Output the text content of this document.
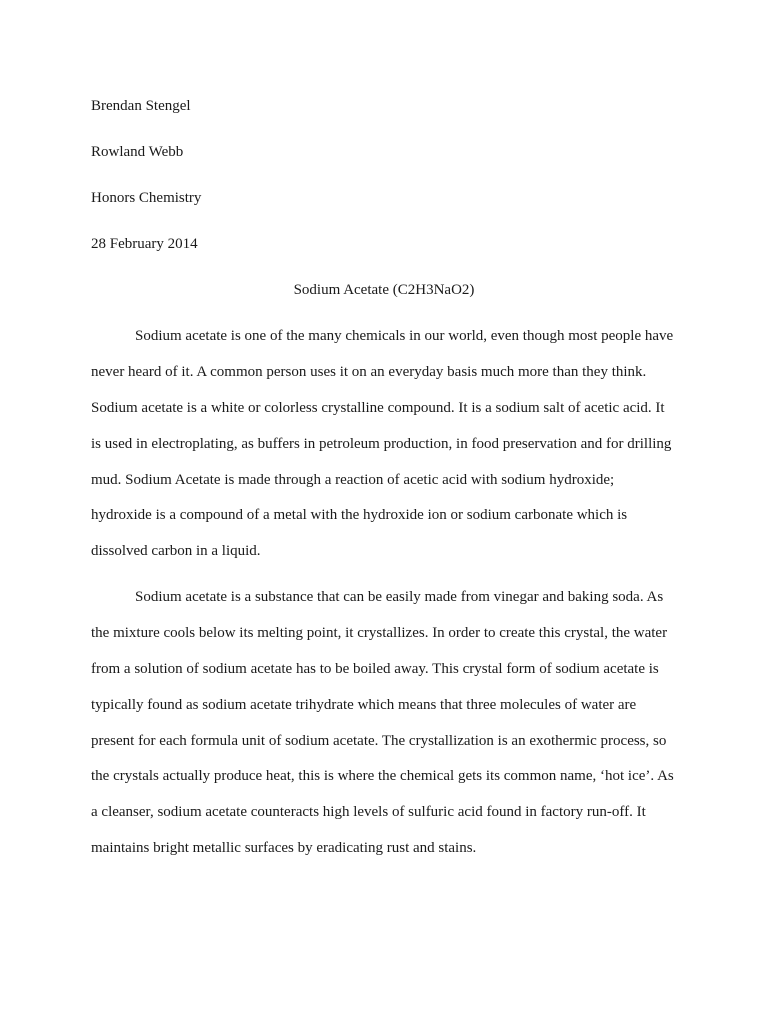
Brendan Stengel
Rowland Webb
Honors Chemistry
28 February 2014
Sodium Acetate (C2H3NaO2)
Sodium acetate is one of the many chemicals in our world, even though most people have
never heard of it. A common person uses it on an everyday basis much more than they think.
Sodium acetate is a white or colorless crystalline compound. It is a sodium salt of acetic acid. It
is used in electroplating, as buffers in petroleum production, in food preservation and for drilling
mud. Sodium Acetate is made through a reaction of acetic acid with sodium hydroxide;
hydroxide is a compound of a metal with the hydroxide ion or sodium carbonate which is
dissolved carbon in a liquid.
Sodium acetate is a substance that can be easily made from vinegar and baking soda. As
the mixture cools below its melting point, it crystallizes. In order to create this crystal, the water
from a solution of sodium acetate has to be boiled away. This crystal form of sodium acetate is
typically found as sodium acetate trihydrate which means that three molecules of water are
present for each formula unit of sodium acetate. The crystallization is an exothermic process, so
the crystals actually produce heat, this is where the chemical gets its common name, ‘hot ice’. As
a cleanser, sodium acetate counteracts high levels of sulfuric acid found in factory run-off. It
maintains bright metallic surfaces by eradicating rust and stains.
